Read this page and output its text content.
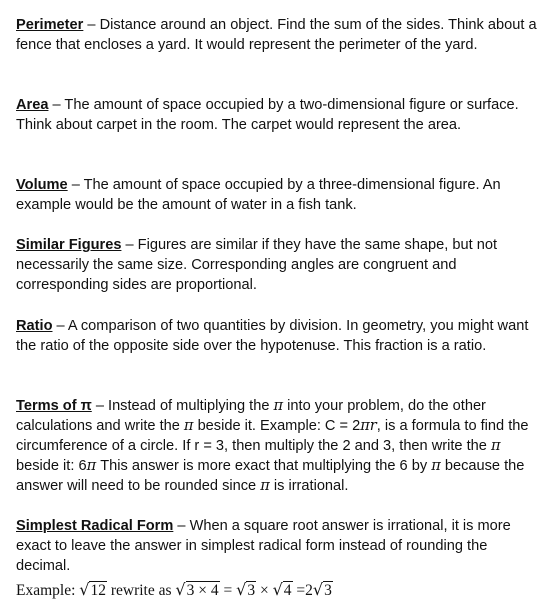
Perimeter – Distance around an object. Find the sum of the sides. Think about a fence that encloses a yard. It would represent the perimeter of the yard.
Area – The amount of space occupied by a two-dimensional figure or surface. Think about carpet in the room. The carpet would represent the area.
Volume – The amount of space occupied by a three-dimensional figure. An example would be the amount of water in a fish tank.
Similar Figures – Figures are similar if they have the same shape, but not necessarily the same size. Corresponding angles are congruent and corresponding sides are proportional.
Ratio – A comparison of two quantities by division. In geometry, you might want the ratio of the opposite side over the hypotenuse. This fraction is a ratio.
Terms of π – Instead of multiplying the π into your problem, do the other calculations and write the π beside it. Example: C = 2πr, is a formula to find the circumference of a circle. If r = 3, then multiply the 2 and 3, then write the π beside it: 6π This answer is more exact that multiplying the 6 by π because the answer will need to be rounded since π is irrational.
Simplest Radical Form – When a square root answer is irrational, it is more exact to leave the answer in simplest radical form instead of rounding the decimal.
Example: √12 rewrite as √3 × 4 = √3 × √4 =2√3
